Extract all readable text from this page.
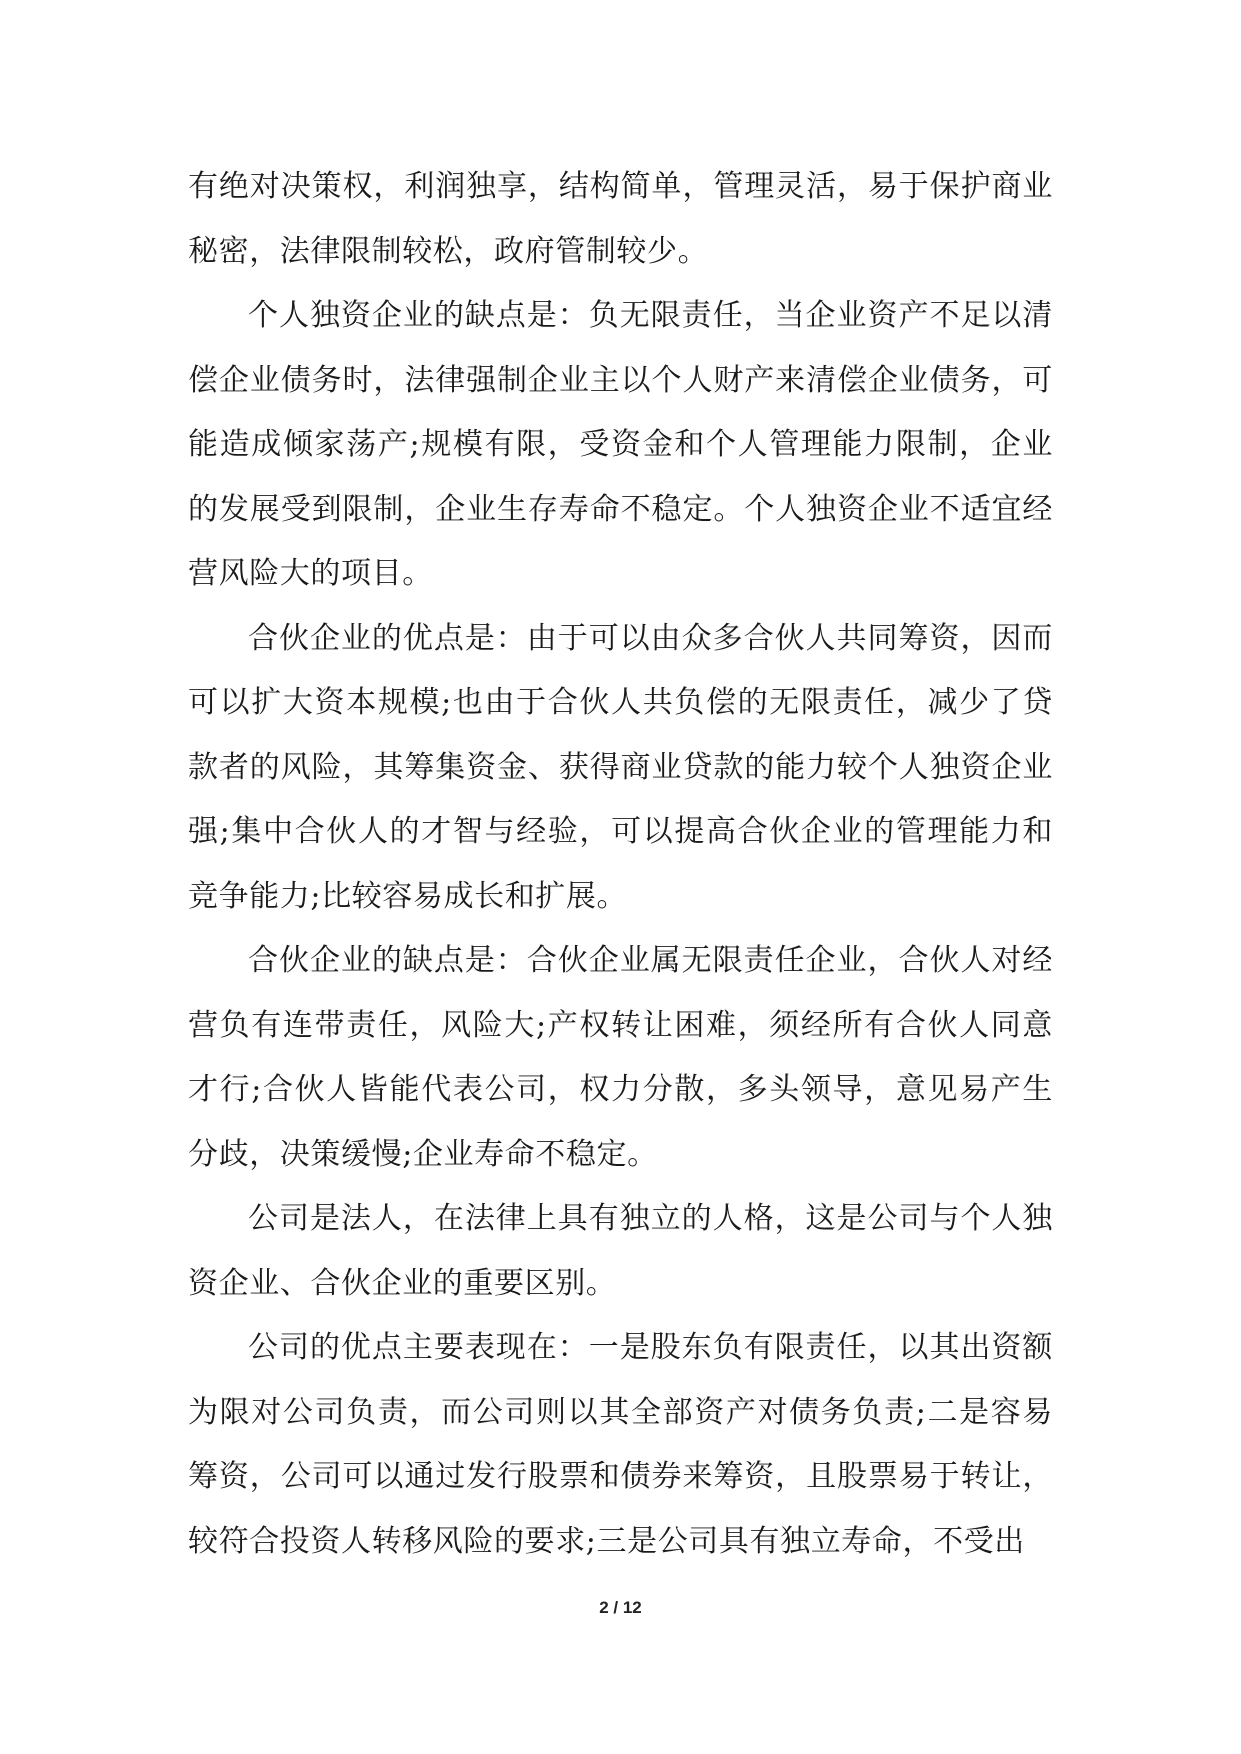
有绝对决策权，利润独享，结构简单，管理灵活，易于保护商业秘密，法律限制较松，政府管制较少。

个人独资企业的缺点是：负无限责任，当企业资产不足以清偿企业债务时，法律强制企业主以个人财产来清偿企业债务，可能造成倾家荡产;规模有限，受资金和个人管理能力限制，企业的发展受到限制，企业生存寿命不稳定。个人独资企业不适宜经营风险大的项目。

合伙企业的优点是：由于可以由众多合伙人共同筹资，因而可以扩大资本规模;也由于合伙人共负偿的无限责任，减少了贷款者的风险，其筹集资金、获得商业贷款的能力较个人独资企业强;集中合伙人的才智与经验，可以提高合伙企业的管理能力和竞争能力;比较容易成长和扩展。

合伙企业的缺点是：合伙企业属无限责任企业，合伙人对经营负有连带责任，风险大;产权转让困难，须经所有合伙人同意才行;合伙人皆能代表公司，权力分散，多头领导，意见易产生分歧，决策缓慢;企业寿命不稳定。

公司是法人，在法律上具有独立的人格，这是公司与个人独资企业、合伙企业的重要区别。

公司的优点主要表现在：一是股东负有限责任，以其出资额为限对公司负责，而公司则以其全部资产对债务负责;二是容易筹资，公司可以通过发行股票和债券来筹资，且股票易于转让，较符合投资人转移风险的要求;三是公司具有独立寿命，不受出

2 / 12
